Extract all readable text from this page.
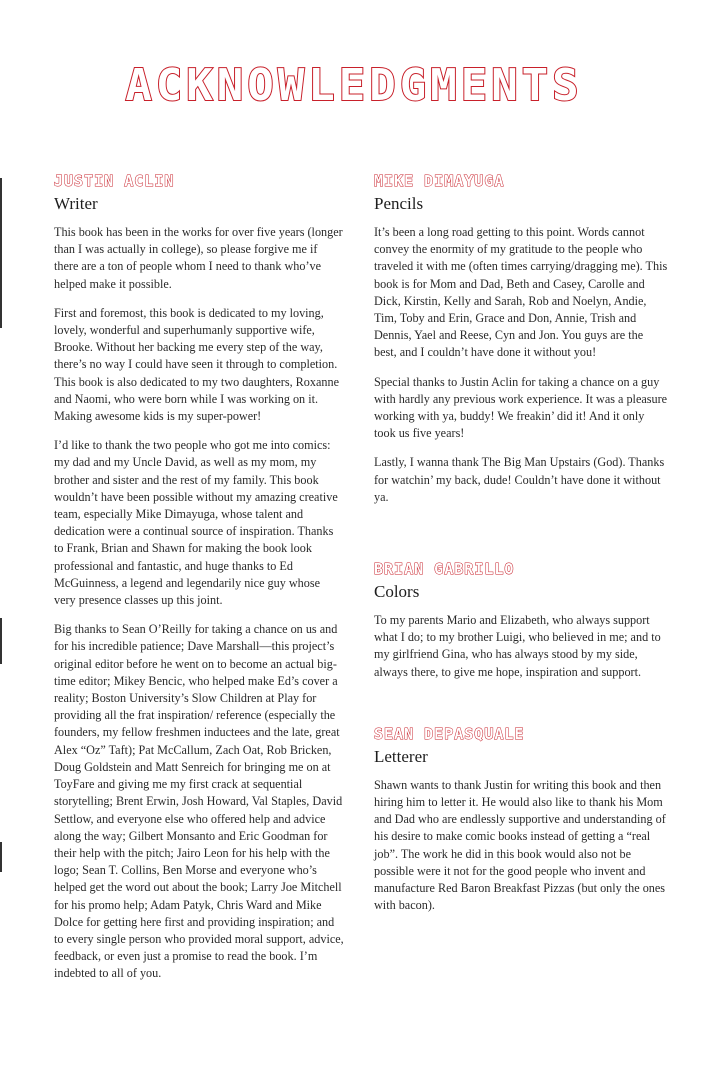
ACKNOWLEDGMENTS
JUSTIN ACLIN
Writer

This book has been in the works for over five years (longer than I was actually in college), so please forgive me if there are a ton of people whom I need to thank who’ve helped make it possible.

First and foremost, this book is dedicated to my loving, lovely, wonderful and superhumanly supportive wife, Brooke. Without her backing me every step of the way, there’s no way I could have seen it through to completion. This book is also dedicated to my two daughters, Roxanne and Naomi, who were born while I was working on it. Making awesome kids is my super-power!

I’d like to thank the two people who got me into comics: my dad and my Uncle David, as well as my mom, my brother and sister and the rest of my family. This book wouldn’t have been possible without my amazing creative team, especially Mike Dimayuga, whose talent and dedication were a continual source of inspiration. Thanks to Frank, Brian and Shawn for making the book look professional and fantastic, and huge thanks to Ed McGuinness, a legend and legendarily nice guy whose very presence classes up this joint.

Big thanks to Sean O’Reilly for taking a chance on us and for his incredible patience; Dave Marshall—this project’s original editor before he went on to become an actual big-time editor; Mikey Bencic, who helped make Ed’s cover a reality; Boston University’s Slow Children at Play for providing all the frat inspiration/ reference (especially the founders, my fellow freshmen inductees and the late, great Alex “Oz” Taft); Pat McCallum, Zach Oat, Rob Bricken, Doug Goldstein and Matt Senreich for bringing me on at ToyFare and giving me my first crack at sequential storytelling; Brent Erwin, Josh Howard, Val Staples, David Settlow, and everyone else who offered help and advice along the way; Gilbert Monsanto and Eric Goodman for their help with the pitch; Jairo Leon for his help with the logo; Sean T. Collins, Ben Morse and everyone who’s helped get the word out about the book; Larry Joe Mitchell for his promo help; Adam Patyk, Chris Ward and Mike Dolce for getting here first and providing inspiration; and to every single person who provided moral support, advice, feedback, or even just a promise to read the book. I’m indebted to all of you.

MIKE DIMAYUGA
Pencils

It’s been a long road getting to this point. Words cannot convey the enormity of my gratitude to the people who traveled it with me (often times carrying/dragging me). This book is for Mom and Dad, Beth and Casey, Carolle and Dick, Kirstin, Kelly and Sarah, Rob and Noelyn, Andie, Tim, Toby and Erin, Grace and Don, Annie, Trish and Dennis, Yael and Reese, Cyn and Jon. You guys are the best, and I couldn’t have done it without you!

Special thanks to Justin Aclin for taking a chance on a guy with hardly any previous work experience. It was a pleasure working with ya, buddy! We freakin’ did it! And it only took us five years!

Lastly, I wanna thank The Big Man Upstairs (God). Thanks for watchin’ my back, dude! Couldn’t have done it without ya.

BRIAN GABRILLO
Colors

To my parents Mario and Elizabeth, who always support what I do; to my brother Luigi, who believed in me; and to my girlfriend Gina, who has always stood by my side, always there, to give me hope, inspiration and support.

SEAN DEPASQUALE
Letterer

Shawn wants to thank Justin for writing this book and then hiring him to letter it. He would also like to thank his Mom and Dad who are endlessly supportive and understanding of his desire to make comic books instead of getting a “real job”. The work he did in this book would also not be possible were it not for the good people who invent and manufacture Red Baron Breakfast Pizzas (but only the ones with bacon).
